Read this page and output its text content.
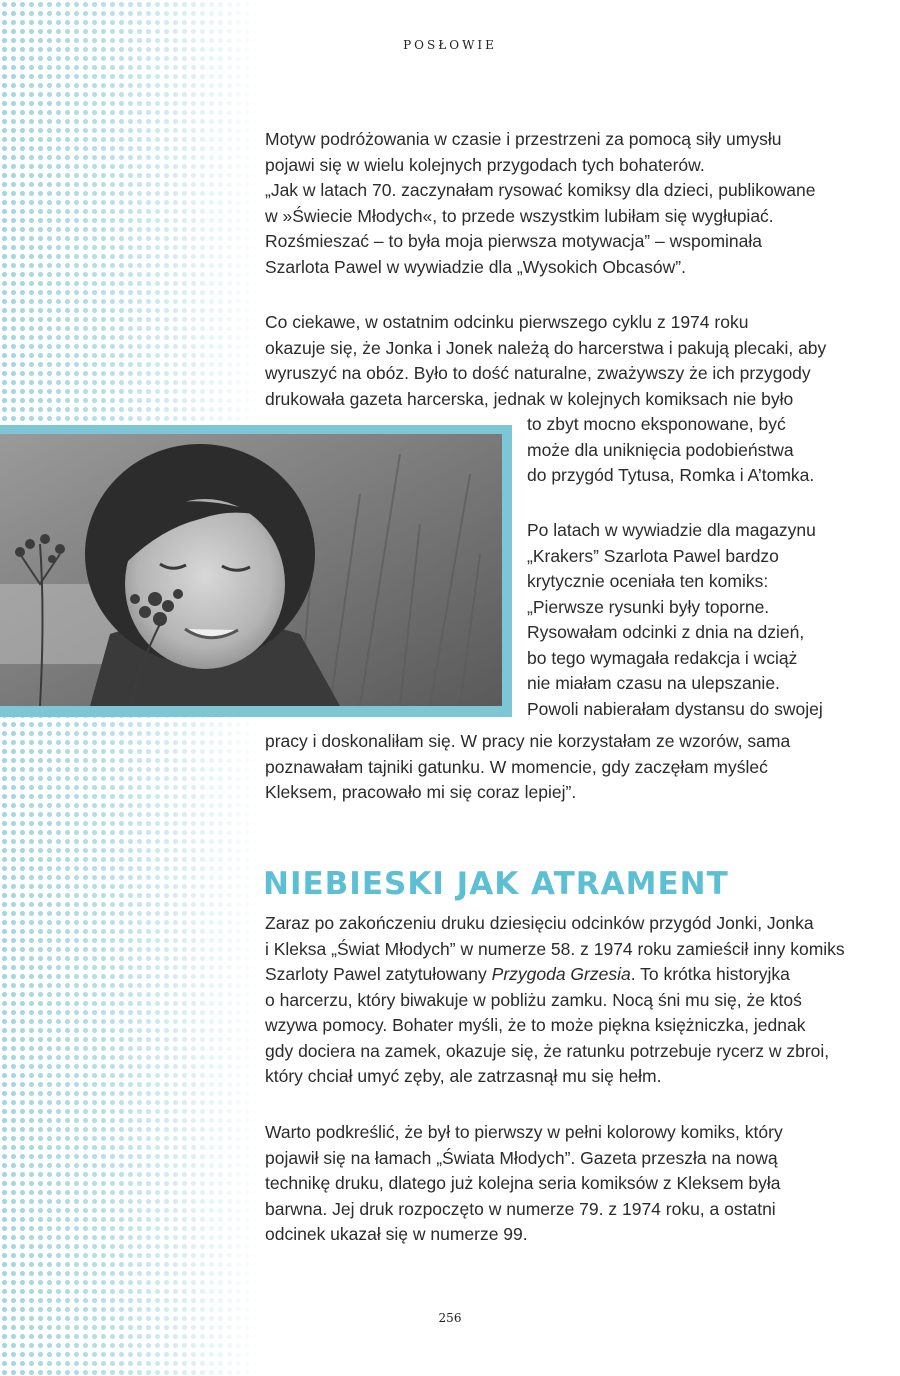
POSŁOWIE

Motyw podróżowania w czasie i przestrzeni za pomocą siły umysłu

pojawi się w wielu kolejnych przygodach tych bohaterów.

„Jak w latach 70. zaczynałam rysować komiksy dla dzieci, publikowane

w »Świecie Młodych«, to przede wszystkim lubiłam się wygłupiać.

Rozśmieszać – to była moja pierwsza motywacja” – wspominała

Szarlota Pawel w wywiadzie dla „Wysokich Obcasów”.

Co ciekawe, w ostatnim odcinku pierwszego cyklu z 1974 roku

okazuje się, że Jonka i Jonek należą do harcerstwa i pakują plecaki, aby

wyruszyć na obóz. Było to dość naturalne, zważywszy że ich przygody

drukowała gazeta harcerska, jednak w kolejnych komiksach nie było

to zbyt mocno eksponowane, być

może dla uniknięcia podobieństwa

do przygód Tytusa, Romka i A’tomka.

Po latach w wywiadzie dla magazynu

„Krakers” Szarlota Pawel bardzo

krytycznie oceniała ten komiks:

„Pierwsze rysunki były toporne.

Rysowałam odcinki z dnia na dzień,

bo tego wymagała redakcja i wciąż

nie miałam czasu na ulepszanie.

Powoli nabierałam dystansu do swojej

pracy i doskonaliłam się. W pracy nie korzystałam ze wzorów, sama

poznawałam tajniki gatunku. W momencie, gdy zaczęłam myśleć

Kleksem, pracowało mi się coraz lepiej”.

NIEBIESKI JAK ATRAMENT

Zaraz po zakończeniu druku dziesięciu odcinków przygód Jonki, Jonka

i Kleksa „Świat Młodych” w numerze 58. z 1974 roku zamieścił inny komiks

Szarloty Pawel zatytułowany Przygoda Grzesia. To krótka historyjka

o harcerzu, który biwakuje w pobliżu zamku. Nocą śni mu się, że ktoś

wzywa pomocy. Bohater myśli, że to może piękna księżniczka, jednak

gdy dociera na zamek, okazuje się, że ratunku potrzebuje rycerz w zbroi,

który chciał umyć zęby, ale zatrzasnął mu się hełm.

Warto podkreślić, że był to pierwszy w pełni kolorowy komiks, który

pojawił się na łamach „Świata Młodych”. Gazeta przeszła na nową

technikę druku, dlatego już kolejna seria komiksów z Kleksem była

barwna. Jej druk rozpoczęto w numerze 79. z 1974 roku, a ostatni

odcinek ukazał się w numerze 99.

256
